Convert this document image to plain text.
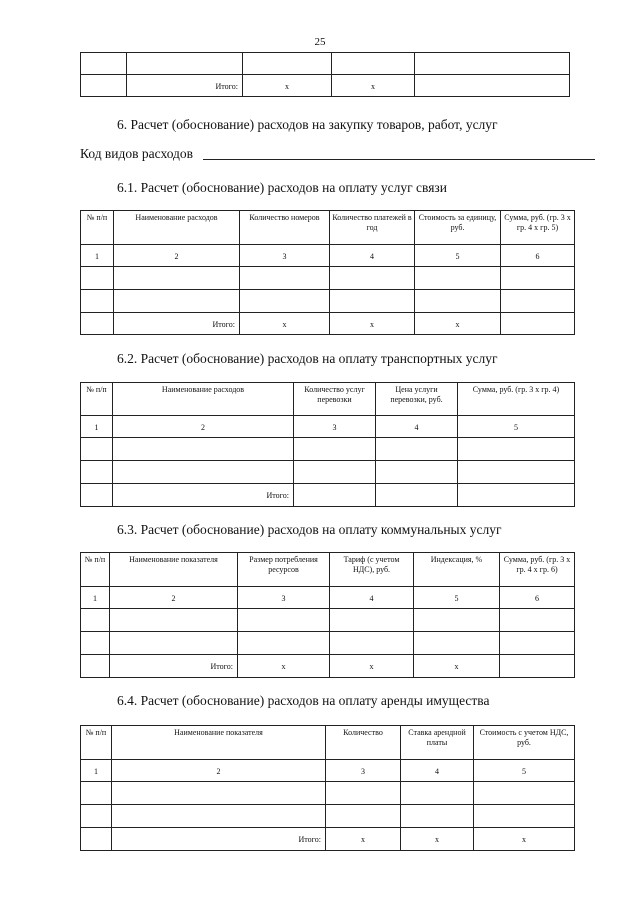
25

	Итого:	x	x	
6. Расчет (обоснование) расходов на закупку товаров, работ, услуг
Код видов расходов
6.1. Расчет (обоснование) расходов на оплату услуг связи
№ п/п	Наименование расходов	Количество номеров	Количество платежей в год	Стоимость за единицу, руб.	Сумма, руб. (гр. 3 х гр. 4 х гр. 5)
1	2	3	4	5	6

	Итого:	x	x	x	
6.2. Расчет (обоснование) расходов на оплату транспортных услуг
№ п/п	Наименование расходов	Количество услуг перевозки	Цена услуги перевозки, руб.	Сумма, руб. (гр. 3 х гр. 4)
1	2	3	4	5

	Итого:			
6.3. Расчет (обоснование) расходов на оплату коммунальных услуг
№ п/п	Наименование показателя	Размер потребления ресурсов	Тариф (с учетом НДС), руб.	Индексация, %	Сумма, руб. (гр. 3 х гр. 4 х гр. 6)
1	2	3	4	5	6

	Итого:	x	x	x	
6.4. Расчет (обоснование) расходов на оплату аренды имущества
№ п/п	Наименование показателя	Количество	Ставка арендной платы	Стоимость с учетом НДС, руб.
1	2	3	4	5

	Итого:	x	x	x
